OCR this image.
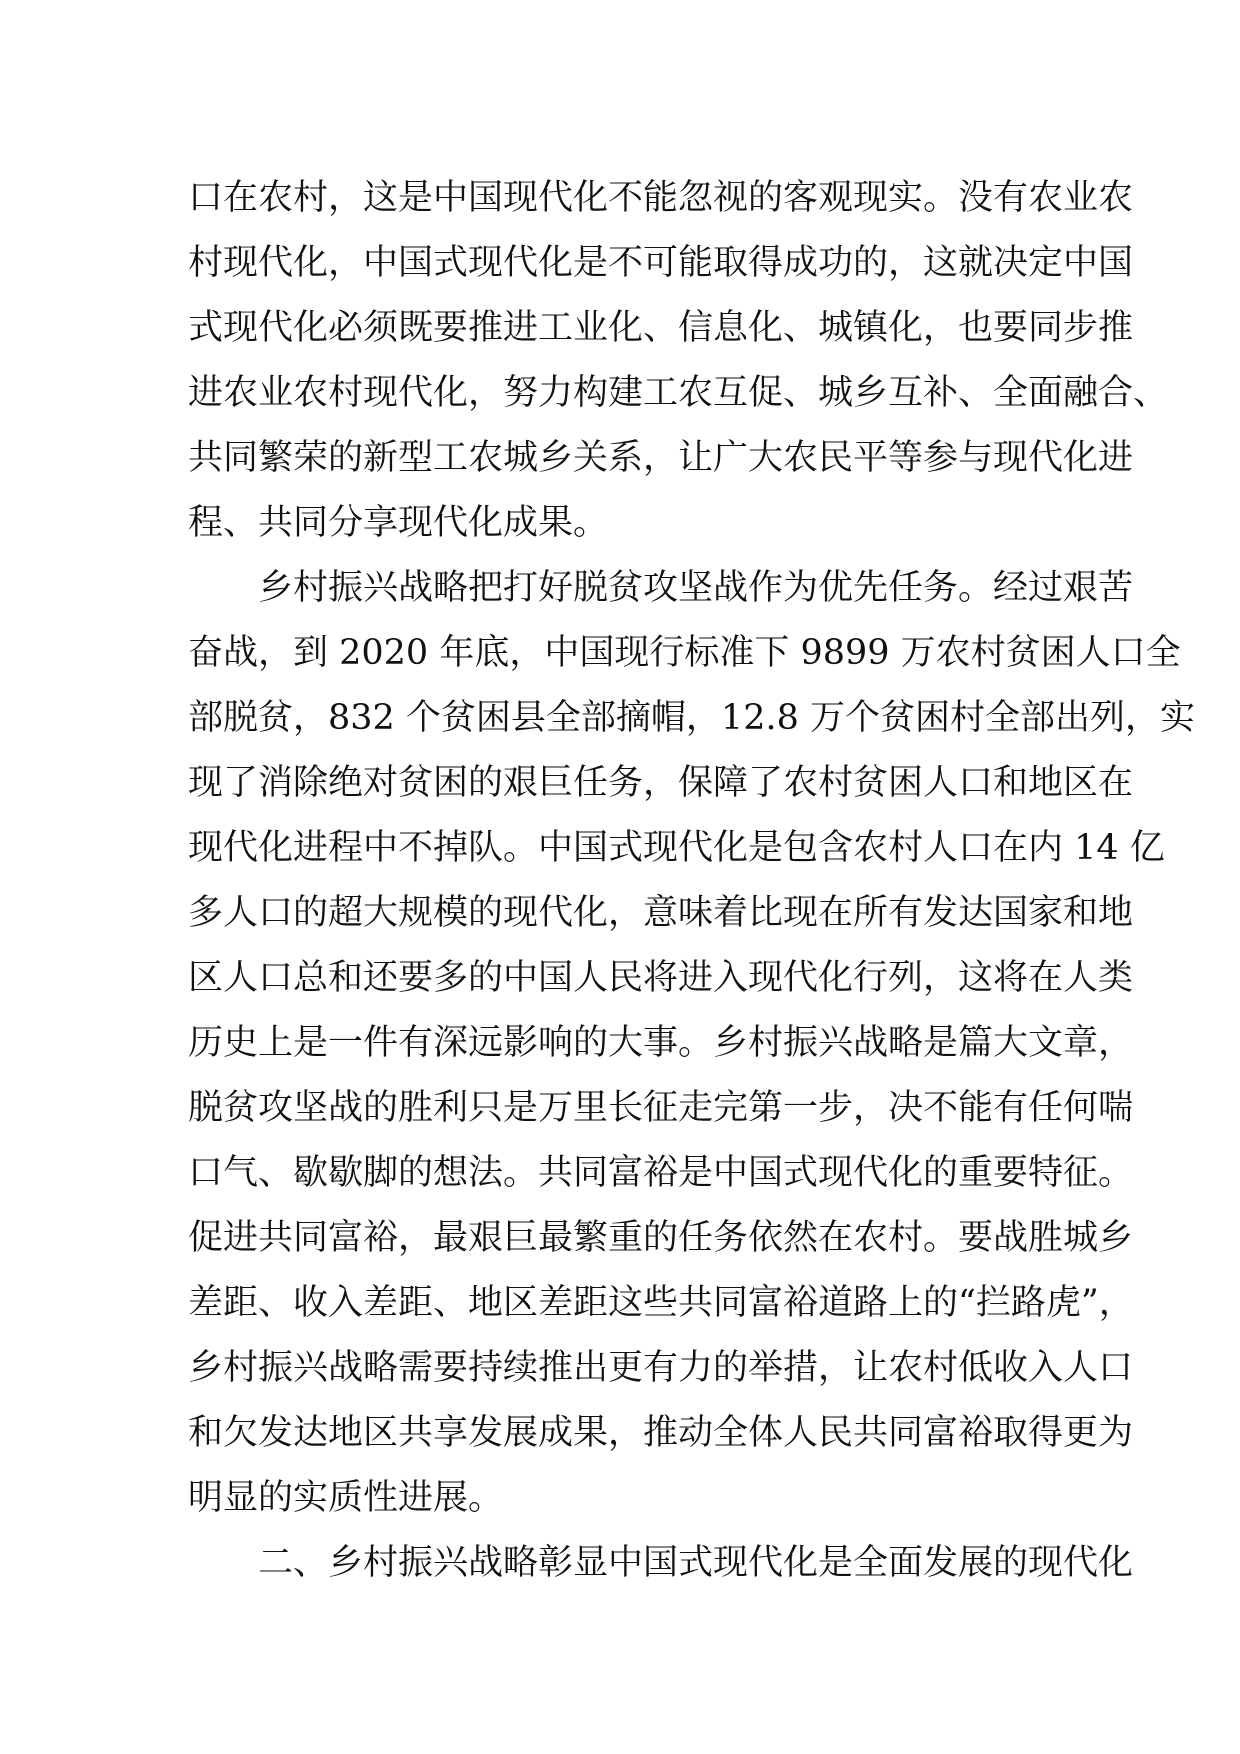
口在农村，这是中国现代化不能忽视的客观现实。没有农业农

村现代化，中国式现代化是不可能取得成功的，这就决定中国

式现代化必须既要推进工业化、信息化、城镇化，也要同步推

进农业农村现代化，努力构建工农互促、城乡互补、全面融合、

共同繁荣的新型工农城乡关系，让广大农民平等参与现代化进

程、共同分享现代化成果。

乡村振兴战略把打好脱贫攻坚战作为优先任务。经过艰苦

奋战，到 2020 年底，中国现行标准下 9899 万农村贫困人口全

部脱贫，832 个贫困县全部摘帽，12.8 万个贫困村全部出列，实

现了消除绝对贫困的艰巨任务，保障了农村贫困人口和地区在

现代化进程中不掉队。中国式现代化是包含农村人口在内 14 亿

多人口的超大规模的现代化，意味着比现在所有发达国家和地

区人口总和还要多的中国人民将进入现代化行列，这将在人类

历史上是一件有深远影响的大事。乡村振兴战略是篇大文章，

脱贫攻坚战的胜利只是万里长征走完第一步，决不能有任何喘

口气、歇歇脚的想法。共同富裕是中国式现代化的重要特征。

促进共同富裕，最艰巨最繁重的任务依然在农村。要战胜城乡

差距、收入差距、地区差距这些共同富裕道路上的“拦路虎”，

乡村振兴战略需要持续推出更有力的举措，让农村低收入人口

和欠发达地区共享发展成果，推动全体人民共同富裕取得更为

明显的实质性进展。

二、乡村振兴战略彰显中国式现代化是全面发展的现代化
